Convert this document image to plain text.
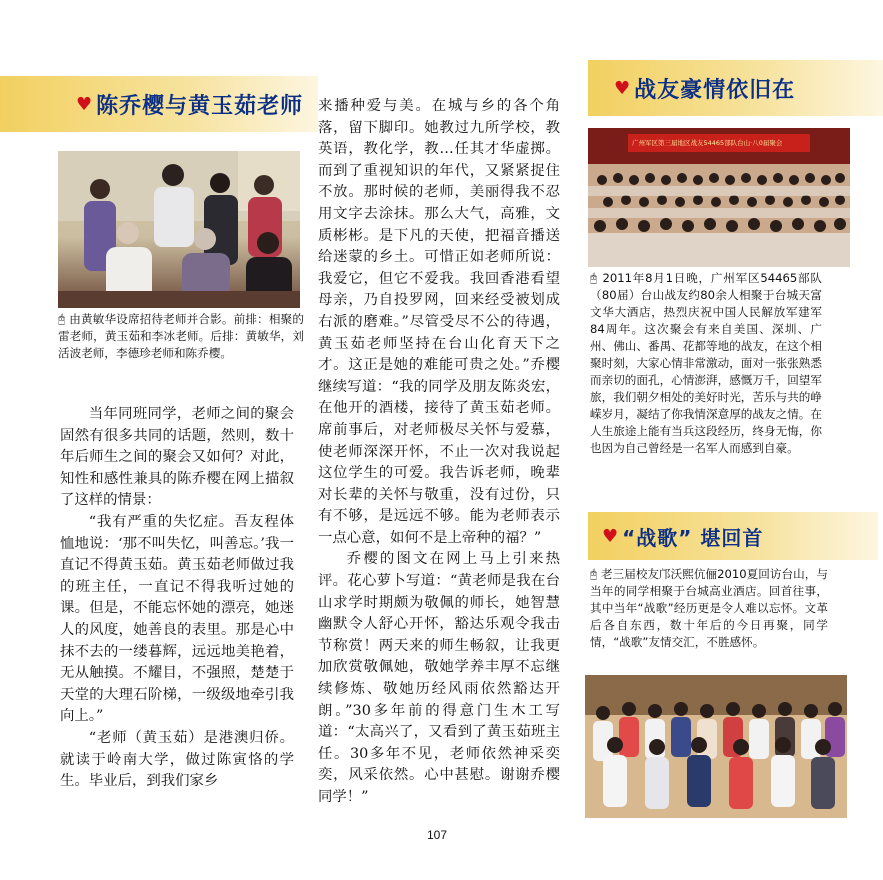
♥ 陈乔樱与黄玉茹老师
🖰 由黄敏华设席招待老师并合影。前排：相聚的雷老师，黄玉茹和李冰老师。后排：黄敏华，刘活波老师，李德珍老师和陈乔樱。

当年同班同学，老师之间的聚会固然有很多共同的话题，然则，数十年后师生之间的聚会又如何？对此，知性和感性兼具的陈乔樱在网上描叙了这样的情景：

“我有严重的失忆症。吾友程体恤地说：‘那不叫失忆，叫善忘。’我一直记不得黄玉茹。黄玉茹老师做过我的班主任，一直记不得我听过她的课。但是，不能忘怀她的漂亮，她迷人的风度，她善良的表里。那是心中抹不去的一缕暮辉，远远地美艳着，无从触摸。不耀目，不强照，楚楚于天堂的大理石阶梯，一级级地牵引我向上。”

“老师（黄玉茹）是港澳归侨。就读于岭南大学，做过陈寅恪的学生。毕业后，到我们家乡

来播种爱与美。在城与乡的各个角落，留下脚印。她教过九所学校，教英语，教化学，教…任其才华虚掷。而到了重视知识的年代，又紧紧捉住不放。那时候的老师，美丽得我不忍用文字去涂抹。那么大气，高雅，文质彬彬。是下凡的天使，把福音播送给迷蒙的乡土。可惜正如老师所说：我爱它，但它不爱我。我回香港看望母亲，乃自投罗网，回来经受被划成右派的磨难。”尽管受尽不公的待遇，黄玉茹老师坚持在台山化育天下之才。这正是她的难能可贵之处。”乔樱继续写道：“我的同学及朋友陈炎宏，在他开的酒楼，接待了黄玉茹老师。席前事后，对老师极尽关怀与爱慕，使老师深深开怀，不止一次对我说起这位学生的可爱。我告诉老师，晚辈对长辈的关怀与敬重，没有过份，只有不够，是远远不够。能为老师表示一点心意，如何不是上帝种的福？”

乔樱的图文在网上马上引来热评。花心萝卜写道：“黄老师是我在台山求学时期颇为敬佩的师长，她智慧幽默令人舒心开怀，豁达乐观令我击节称赏！两天来的师生畅叙，让我更加欣赏敬佩她，敬她学养丰厚不忘继续修炼、敬她历经风雨依然豁达开朗。”30多年前的得意门生木工写道：“太高兴了，又看到了黄玉茹班主任。30多年不见，老师依然神采奕奕，风采依然。心中甚慰。谢谢乔樱同学！”

♥ 战友豪情依旧在
广州军区第三届地区战友54465部队台山·八0届聚会
🖰 2011年8月1日晚，广州军区54465部队（80届）台山战友约80余人相聚于台城天富文华大酒店，热烈庆祝中国人民解放军建军84周年。这次聚会有来自美国、深圳、广州、佛山、番禺、花都等地的战友，在这个相聚时刻，大家心情非常激动，面对一张张熟悉而亲切的面孔，心情澎湃，感慨万千，回望军旅，我们朝夕相处的美好时光，苦乐与共的峥嵘岁月，凝结了你我情深意厚的战友之情。在人生旅途上能有当兵这段经历，终身无悔，你也因为自己曾经是一名军人而感到自豪。
♥ “战歌” 堪回首
🖰 老三届校友邝沃熙伉俪2010夏回访台山，与当年的同学相聚于台城高业酒店。回首往事，其中当年“战歌”经历更是令人难以忘怀。文革后各自东西，数十年后的今日再聚，同学情，“战歌”友情交汇，不胜感怀。
107
